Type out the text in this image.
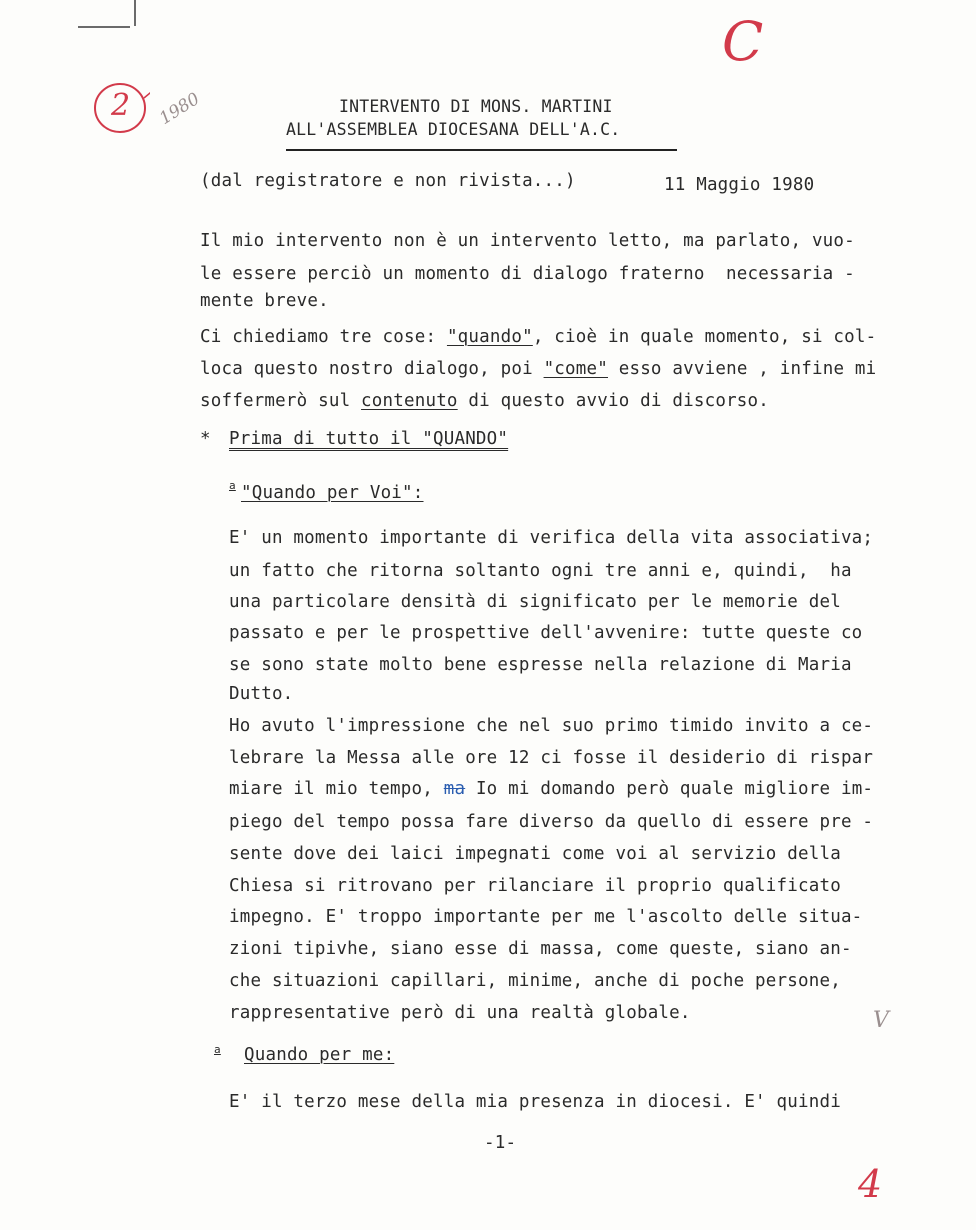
2
C
1980	INTERVENTO DI MONS. MARTINI
ALL'ASSEMBLEA DIOCESANA DELL'A.C.
(dal registratore e non rivista...)	11 Maggio 1980
Il mio intervento non è un intervento letto, ma parlato, vuo-
le essere perciò un momento di dialogo fraterno  necessaria -
mente breve.
Ci chiediamo tre cose: "quando", cioè in quale momento, si col-
loca questo nostro dialogo, poi "come" esso avviene , infine mi
soffermerò sul contenuto di questo avvio di discorso.
* Prima di tutto il "QUANDO"
a "Quando per Voi":
E' un momento importante di verifica della vita associativa;
un fatto che ritorna soltanto ogni tre anni e, quindi,  ha
una particolare densità di significato per le memorie del
passato e per le prospettive dell'avvenire: tutte queste co
se sono state molto bene espresse nella relazione di Maria
Dutto.
Ho avuto l'impressione che nel suo primo timido invito a ce-
lebrare la Messa alle ore 12 ci fosse il desiderio di rispar
miare il mio tempo, ma Io mi domando però quale migliore im-
piego del tempo possa fare diverso da quello di essere pre -
sente dove dei laici impegnati come voi al servizio della
Chiesa si ritrovano per rilanciare il proprio qualificato
impegno. E' troppo importante per me l'ascolto delle situa-
zioni tipivhe, siano esse di massa, come queste, siano an-
che situazioni capillari, minime, anche di poche persone,
rappresentative però di una realtà globale.
a Quando per me:
E' il terzo mese della mia presenza in diocesi. E' quindi
-1-
V
4
